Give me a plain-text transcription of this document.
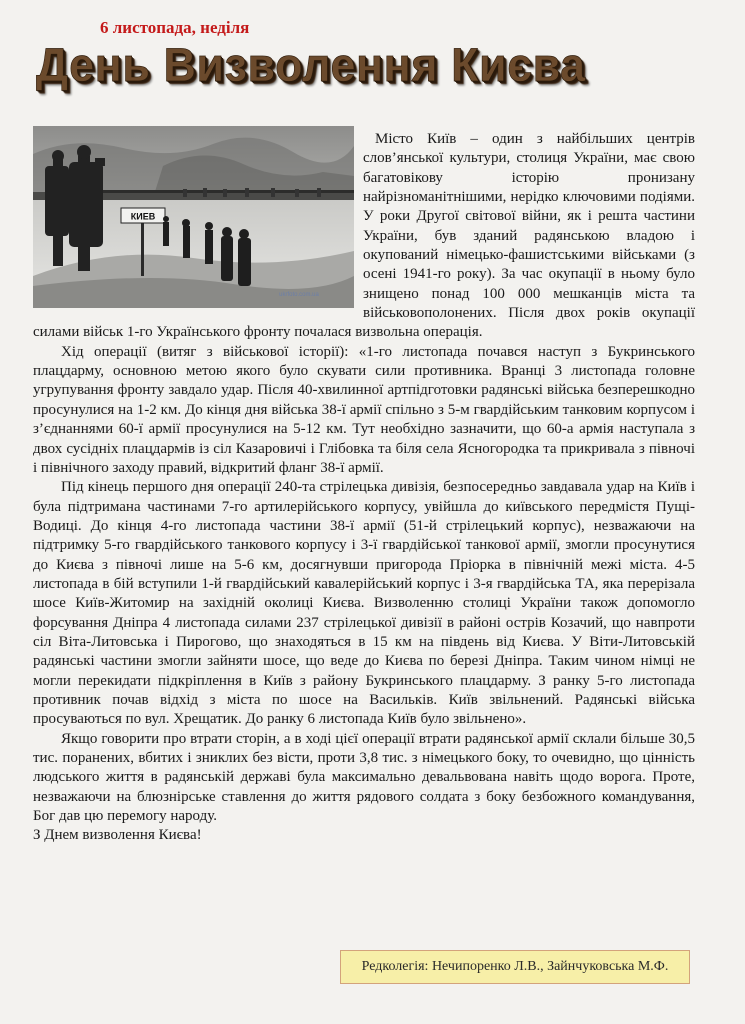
6 листопада, неділя
День Визволення Києва
КИЕВ
ukrfoto.com.ua

Місто Київ – один з найбільших центрів слов’янської культури, столиця України, має свою багатовікову історію пронизану найрізноманітнішими, нерідко ключовими подіями. У роки Другої світової війни, як і решта частини України, був зданий радянською владою і окупований німецько-фашистськими військами (з осені 1941-го року). За час окупації в ньому було знищено понад 100 000 мешканців міста та військовополонених. Після двох років окупації силами військ 1-го Українського фронту почалася визвольна операція.

Хід операції (витяг з військової історії): «1-го листопада почався наступ з Букринського плацдарму, основною метою якого було скувати сили противника. Вранці 3 листопада головне угрупування фронту завдало удар. Після 40-хвилинної артпідготовки радянські війська безперешкодно просунулися на 1-2 км. До кінця дня війська 38-ї армії спільно з 5-м гвардійським танковим корпусом і з’єднаннями 60-ї армії просунулися на 5-12 км. Тут необхідно зазначити, що 60-а армія наступала з двох сусідніх плацдармів із сіл Казаровичі і Глібовка та біля села Ясногородка та прикривала з півночі і північного заходу правий, відкритий фланг 38-ї армії.

Під кінець першого дня операції 240-та стрілецька дивізія, безпосередньо завдавала удар на Київ і була підтримана частинами 7-го артилерійського корпусу, увійшла до київського передмістя Пущі-Водиці. До кінця 4-го листопада частини 38-ї армії (51-й стрілецький корпус), незважаючи на підтримку 5-го гвардійського танкового корпусу і 3-ї гвардійської танкової армії, змогли просунутися до Києва з півночі лише на 5-6 км, досягнувши пригорода Пріорка в північній межі міста. 4-5 листопада в бій вступили 1-й гвардійський кавалерійський корпус і 3-я гвардійська ТА, яка перерізала шосе Київ-Житомир на західній околиці Києва. Визволенню столиці України також допомогло форсування Дніпра 4 листопада силами 237 стрілецької дивізії в районі острів Козачий, що навпроти сіл Віта-Литовська і Пирогово, що знаходяться в 15 км на південь від Києва. У Віти-Литовській радянські частини змогли зайняти шосе, що веде до Києва по березі Дніпра. Таким чином німці не могли перекидати підкріплення в Київ з району Букринського плацдарму. З ранку 5-го листопада противник почав відхід з міста по шосе на Васильків. Київ звільнений. Радянські війська просуваються по вул. Хрещатик. До ранку 6 листопада Київ було звільнено».

Якщо говорити про втрати сторін, а в ході цієї операції втрати радянської армії склали більше 30,5 тис. поранених, вбитих і зниклих без вісти, проти 3,8 тис. з німецького боку, то очевидно, що цінність людського життя в радянській державі була максимально девальвована навіть щодо ворога. Проте, незважаючи на блюзнірське ставлення до життя рядового солдата з боку безбожного командування, Бог дав цю перемогу народу.

З Днем визволення Києва!

Редколегія: Нечипоренко Л.В., Зайнчуковська М.Ф.
